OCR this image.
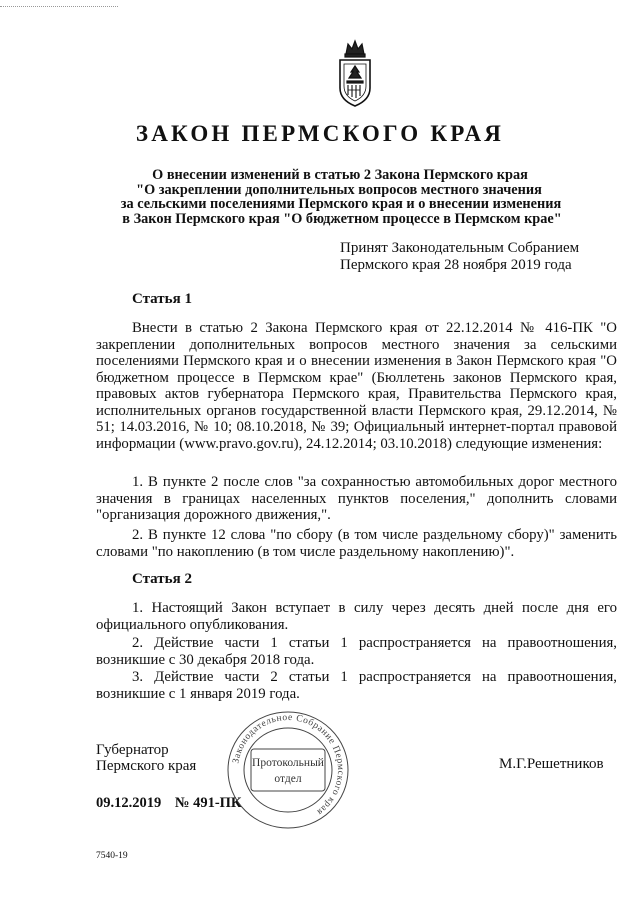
ЗАКОН ПЕРМСКОГО КРАЯ
О внесении изменений в статью 2 Закона Пермского края
"О закреплении дополнительных вопросов местного значения
за сельскими поселениями Пермского края и о внесении изменения
в Закон Пермского края "О бюджетном процессе в Пермском крае"
Принят Законодательным Собранием
Пермского края 28 ноября 2019 года
Статья 1

Внести в статью 2 Закона Пермского края от 22.12.2014 № 416-ПК "О закреплении дополнительных вопросов местного значения за сельскими поселениями Пермского края и о внесении изменения в Закон Пермского края "О бюджетном процессе в Пермском крае" (Бюллетень законов Пермского края, правовых актов губернатора Пермского края, Правительства Пермского края, исполнительных органов государственной власти Пермского края, 29.12.2014, № 51; 14.03.2016, № 10; 08.10.2018, № 39; Официальный интернет-портал правовой информации (www.pravo.gov.ru), 24.12.2014; 03.10.2018) следующие изменения:

1. В пункте 2 после слов "за сохранностью автомобильных дорог местного значения в границах населенных пунктов поселения," дополнить словами "организация дорожного движения,".

2. В пункте 12 слова "по сбору (в том числе раздельному сбору)" заменить словами "по накоплению (в том числе раздельному накоплению)".

Статья 2

1. Настоящий Закон вступает в силу через десять дней после дня его официального опубликования.

2. Действие части 1 статьи 1 распространяется на правоотношения, возникшие с 30 декабря 2018 года.

3. Действие части 2 статьи 1 распространяется на правоотношения, возникшие с 1 января 2019 года.

Губернатор
Пермского края	М.Г.Решетников
Законодательное Собрание Пермского края
Протокольный
отдел
09.12.2019 № 491-ПК
7540-19
